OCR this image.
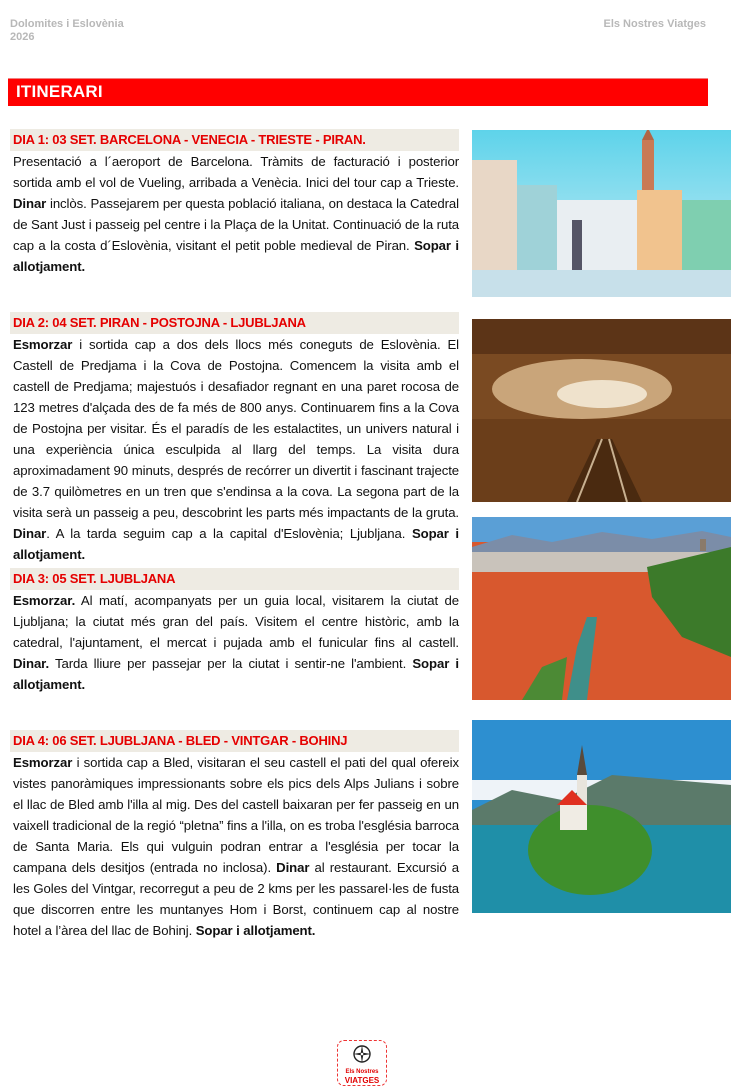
Dolomites i Eslovènia
2026
Els Nostres Viatges
ITINERARI
DIA 1: 03 SET. BARCELONA - VENECIA - TRIESTE - PIRAN.
Presentació a l´aeroport de Barcelona. Tràmits de facturació i posterior sortida amb el vol de Vueling, arribada a Venècia. Inici del tour cap a Trieste. Dinar inclòs. Passejarem per questa població italiana, on destaca la Catedral de Sant Just i passeig pel centre i la Plaça de la Unitat. Continuació de la ruta cap a la costa d´Eslovènia, visitant el petit poble medieval de Piran. Sopar i allotjament.
DIA 2: 04 SET. PIRAN - POSTOJNA - LJUBLJANA
Esmorzar i sortida cap a dos dels llocs més coneguts de Eslovènia. El Castell de Predjama i la Cova de Postojna. Comencem la visita amb el castell de Predjama; majestuós i desafiador regnant en una paret rocosa de 123 metres d'alçada des de fa més de 800 anys. Continuarem fins a la Cova de Postojna per visitar. És el paradís de les estalactites, un univers natural i una experiència única esculpida al llarg del temps. La visita dura aproximadament 90 minuts, després de recórrer un divertit i fascinant trajecte de 3.7 quilòmetres en un tren que s'endinsa a la cova. La segona part de la visita serà un passeig a peu, descobrint les parts més impactants de la gruta. Dinar. A la tarda seguim cap a la capital d'Eslovènia; Ljubljana. Sopar i allotjament.
DIA 3: 05 SET. LJUBLJANA
Esmorzar. Al matí, acompanyats per un guia local, visitarem la ciutat de Ljubljana; la ciutat més gran del país. Visitem el centre històric, amb la catedral, l'ajuntament, el mercat i pujada amb el funicular fins al castell. Dinar. Tarda lliure per passejar per la ciutat i sentir-ne l'ambient. Sopar i allotjament.
DIA 4: 06 SET. LJUBLJANA - BLED - VINTGAR - BOHINJ
Esmorzar i sortida cap a Bled, visitaran el seu castell el pati del qual ofereix vistes panoràmiques impressionants sobre els pics dels Alps Julians i sobre el llac de Bled amb l'illa al mig. Des del castell baixaran per fer passeig en un vaixell tradicional de la regió “pletna” fins a l'illa, on es troba l'església barroca de Santa Maria. Els qui vulguin podran entrar a l'església per tocar la campana dels desitjos (entrada no inclosa). Dinar al restaurant. Excursió a les Goles del Vintgar, recorregut a peu de 2 kms per les passarel·les de fusta que discorren entre les muntanyes Hom i Borst, continuem cap al nostre hotel a l’àrea del llac de Bohinj. Sopar i allotjament.
Els Nostres
VIATGES
